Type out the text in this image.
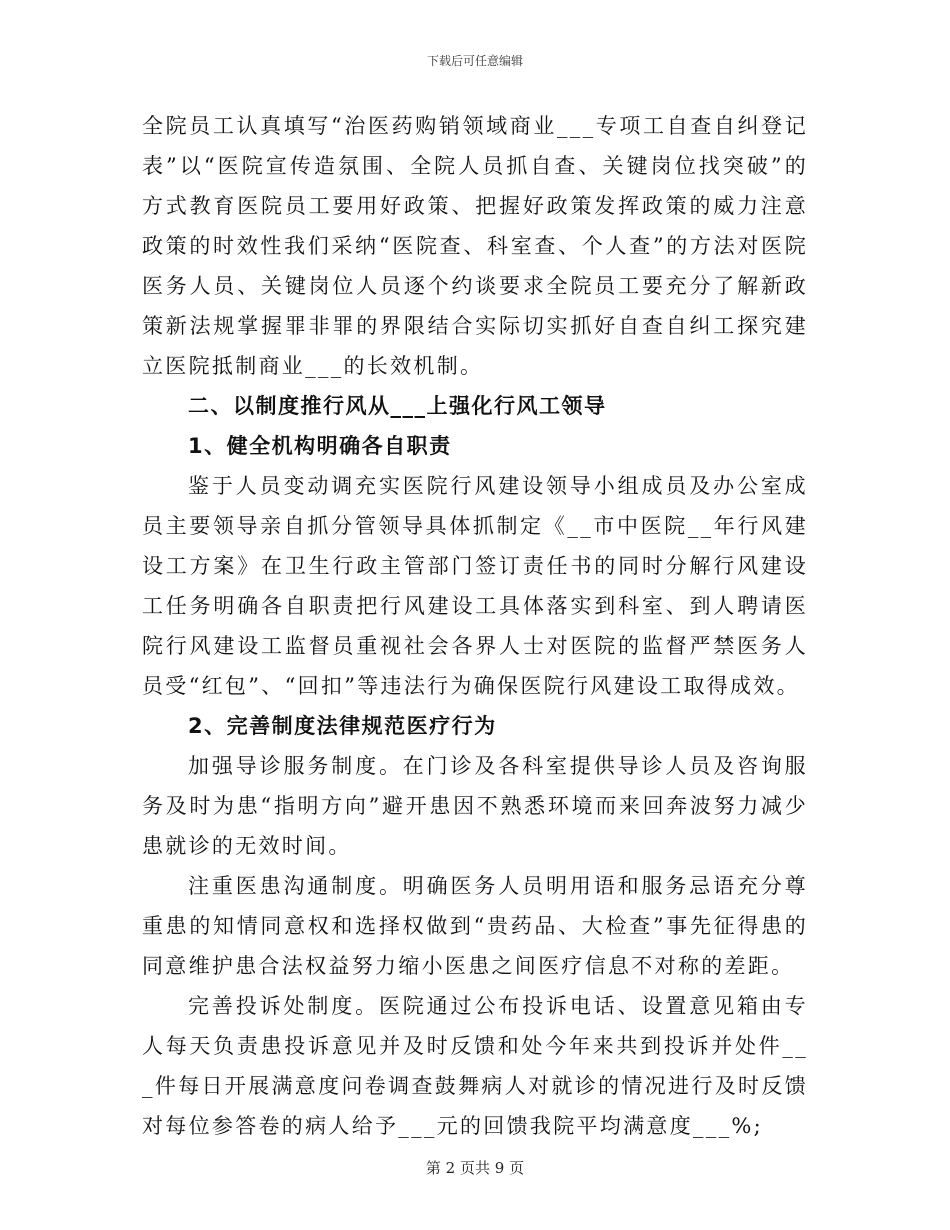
下载后可任意编辑

全院员工认真填写“治医药购销领域商业___专项工自查自纠登记表”以“医院宣传造氛围、全院人员抓自查、关键岗位找突破”的方式教育医院员工要用好政策、把握好政策发挥政策的威力注意政策的时效性我们采纳“医院查、科室查、个人查”的方法对医院医务人员、关键岗位人员逐个约谈要求全院员工要充分了解新政策新法规掌握罪非罪的界限结合实际切实抓好自查自纠工探究建立医院抵制商业___的长效机制。

二、以制度推行风从___上强化行风工领导

1、健全机构明确各自职责

鉴于人员变动调充实医院行风建设领导小组成员及办公室成员主要领导亲自抓分管领导具体抓制定《__市中医院__年行风建设工方案》在卫生行政主管部门签订责任书的同时分解行风建设工任务明确各自职责把行风建设工具体落实到科室、到人聘请医院行风建设工监督员重视社会各界人士对医院的监督严禁医务人员受“红包”、“回扣”等违法行为确保医院行风建设工取得成效。

2、完善制度法律规范医疗行为

加强导诊服务制度。在门诊及各科室提供导诊人员及咨询服务及时为患“指明方向”避开患因不熟悉环境而来回奔波努力减少患就诊的无效时间。

注重医患沟通制度。明确医务人员明用语和服务忌语充分尊重患的知情同意权和选择权做到“贵药品、大检查”事先征得患的同意维护患合法权益努力缩小医患之间医疗信息不对称的差距。

完善投诉处制度。医院通过公布投诉电话、设置意见箱由专人每天负责患投诉意见并及时反馈和处今年来共到投诉并处件___件每日开展满意度问卷调查鼓舞病人对就诊的情况进行及时反馈对每位参答卷的病人给予___元的回馈我院平均满意度___%;

第 2 页共 9 页
